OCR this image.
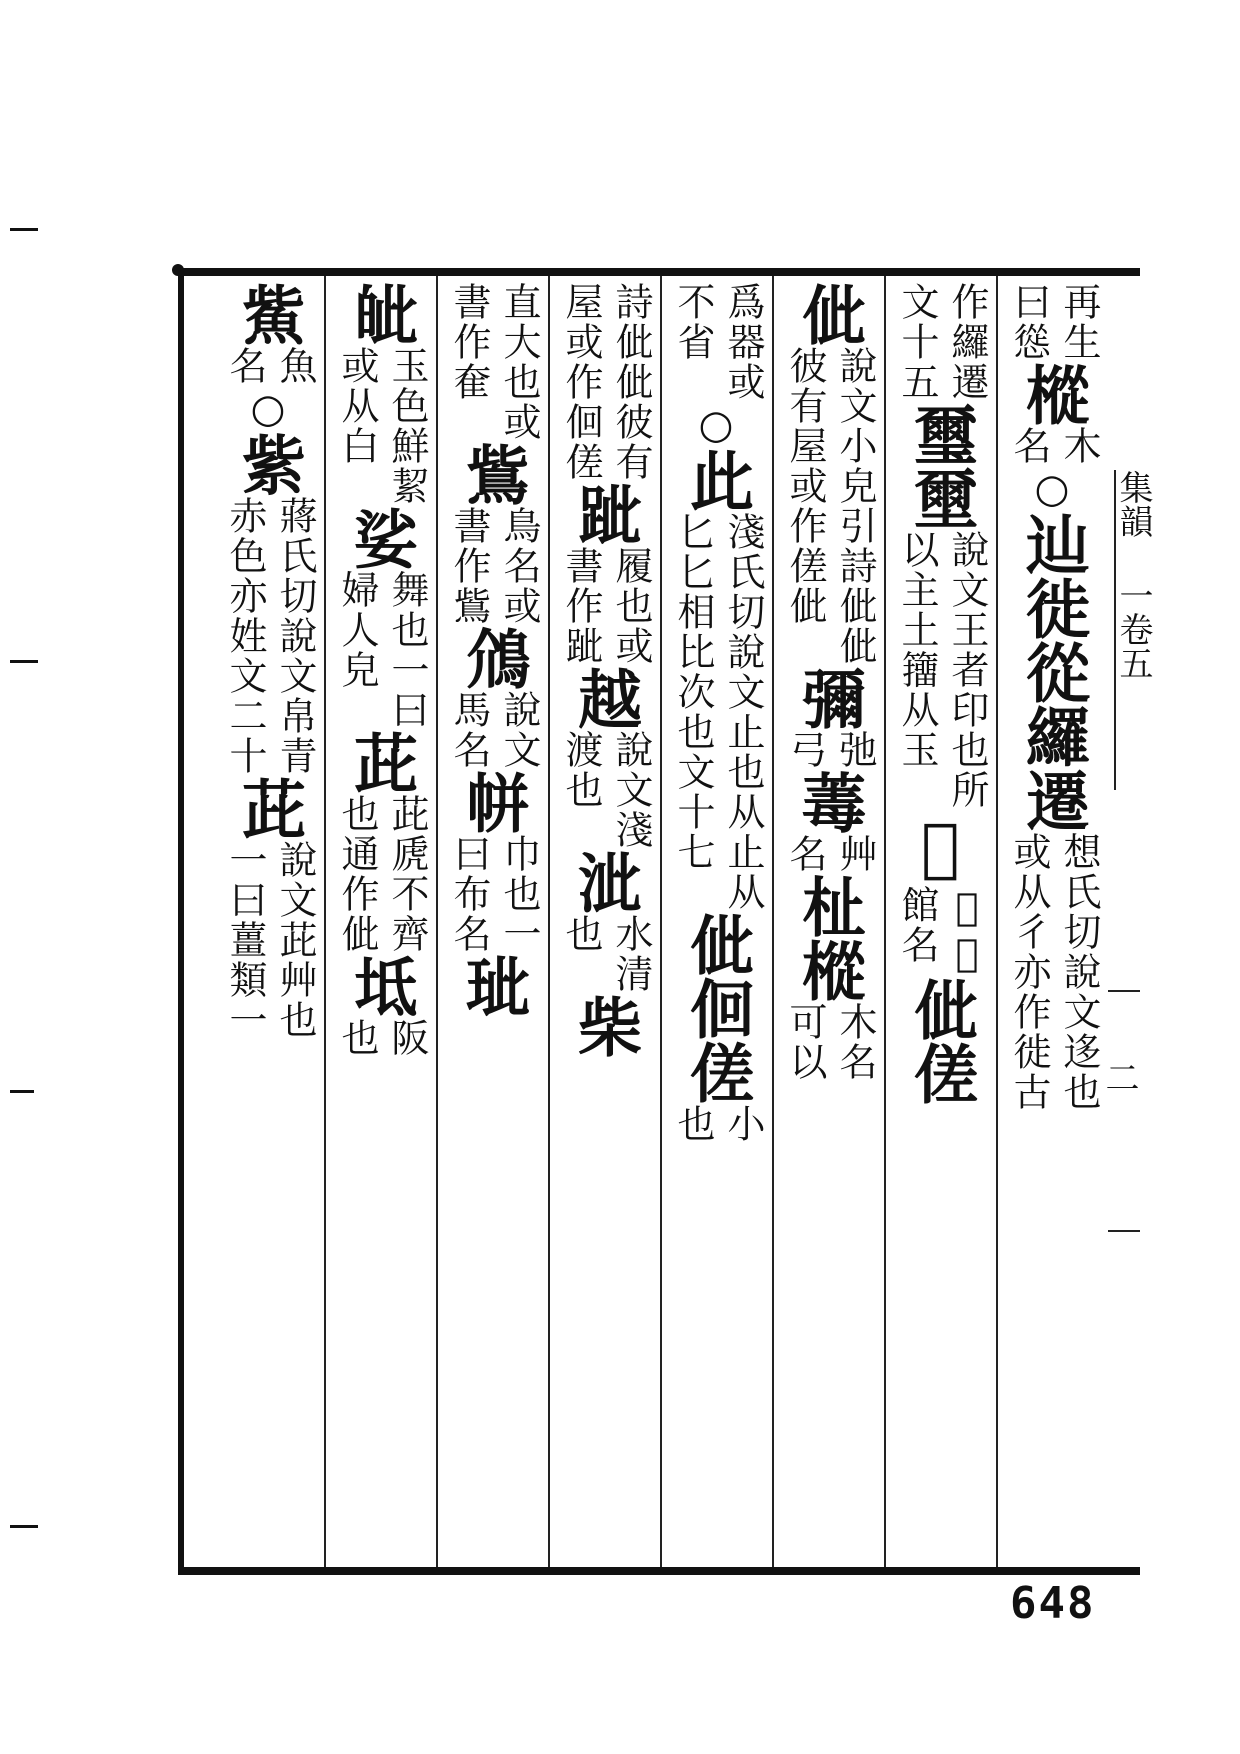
再生
曰慫
樅
木
名
○
辿徙從纙遷
想氏切說文迻也
或从彳亦作徙古
作纙遷
文十五
璽壐
說文王者印也所
以主土籒从玉
𧆛
𧆛氏
館名
佌傞
佌
說文小皃引詩佌佌
彼有屋或作傞佌
彌
弛
弓
䓯
艸
名
杫樅
木名
可以
爲器或
不省
○
此
淺氏切說文止也从止从
匕匕相比次也文十七
佌佪傞
小
也
詩佌佌彼有
屋或作佪傞
跐
履也或
書作跐
越
說文淺
渡也
泚
水清
也
柴
直大也或
書作奞
鴜
鳥名或
書作鴜
䲸
說文
馬名
帡
巾也一
曰布名
玼
皉
玉色鮮絜
或从白
娑
舞也一曰
婦人皃
茈
茈虒不齊
也通作佌
坻
阪
也
鮆
魚
名
○
紫
蔣氏切說文帛青
赤色亦姓文二十
茈
說文茈艸也
一曰薑類一
集韻 一卷五
二
648
